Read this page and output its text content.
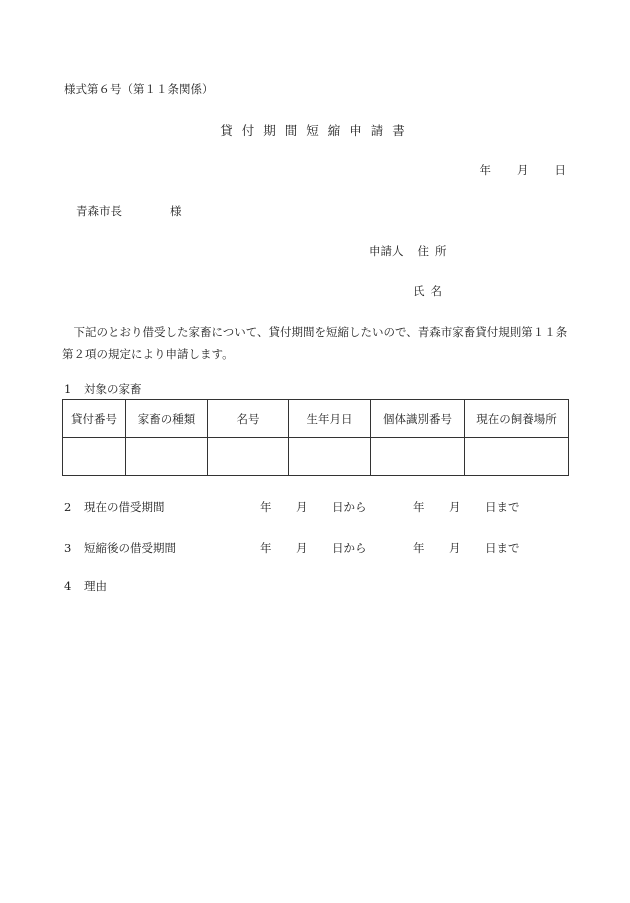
様式第６号（第１１条関係）
貸付期間短縮申請書
年 月 日
青森市長	様
申請人 住所
氏名
下記のとおり借受した家畜について、貸付期間を短縮したいので、青森市家畜貸付規則第１１条第２項の規定により申請します。
1 対象の家畜
貸付番号	家畜の種類	名号	生年月日	個体識別番号	現在の飼養場所

2 現在の借受期間	年 月 日から	年 月 日まで
3 短縮後の借受期間	年 月 日から	年 月 日まで
4 理由
